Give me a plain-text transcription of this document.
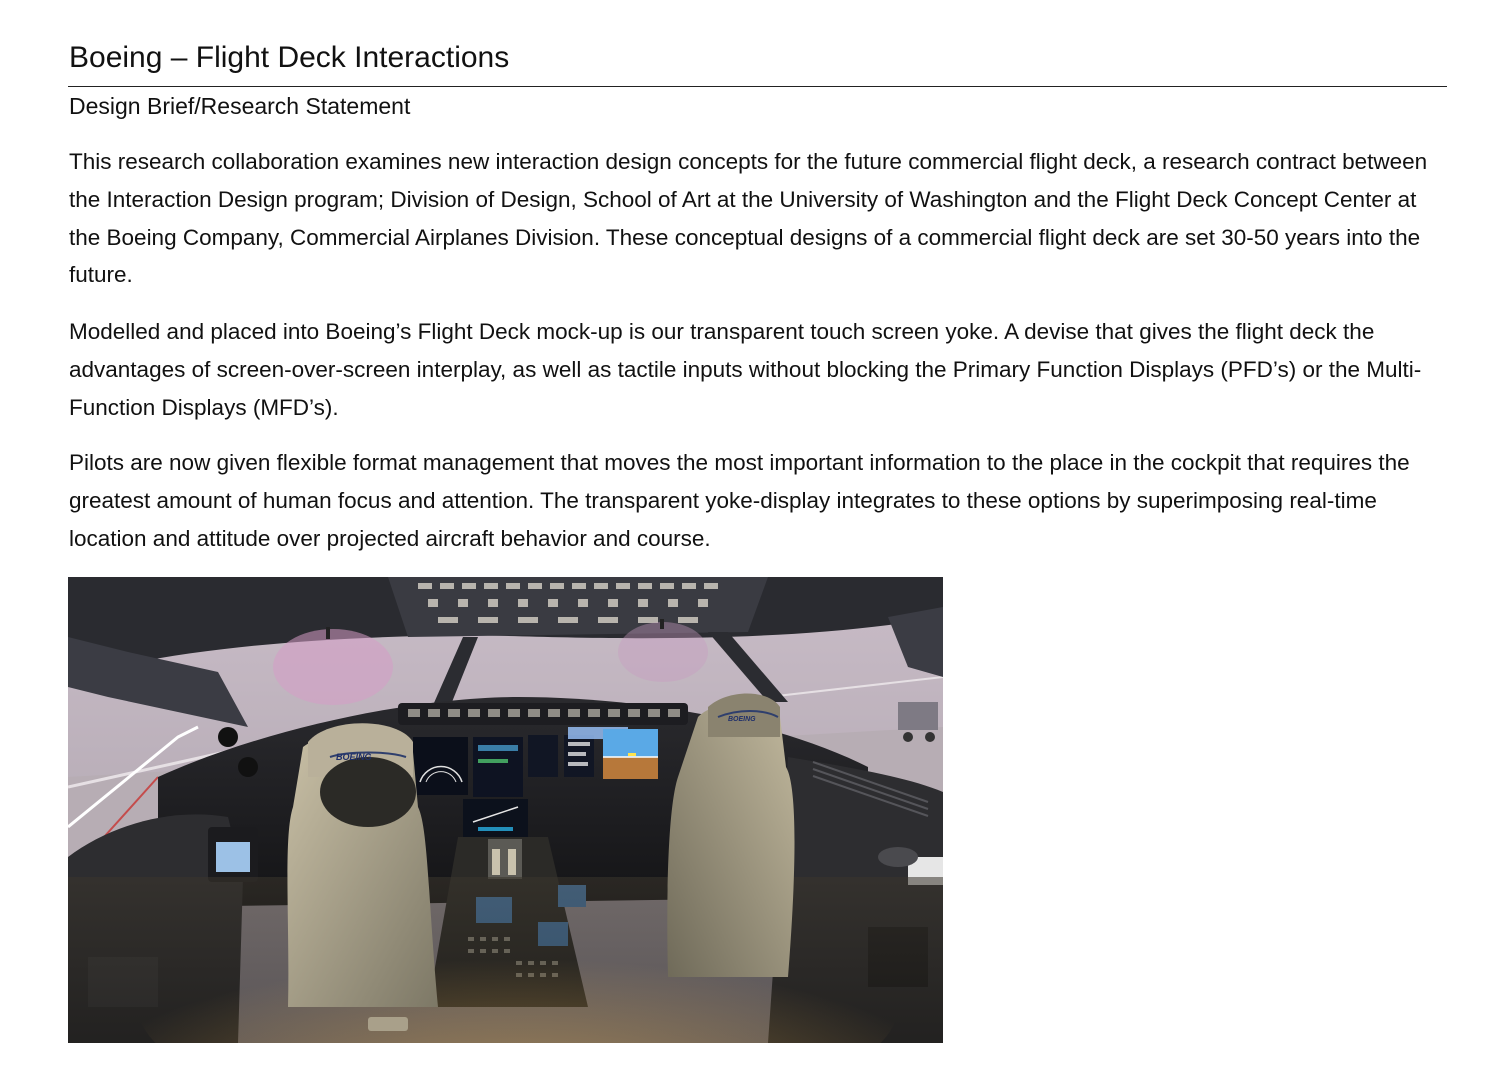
Boeing – Flight Deck Interactions
Design Brief/Research Statement

This research collaboration examines new interaction design concepts for the future commercial flight deck, a research contract between the Interaction Design program; Division of Design, School of Art at the University of Washington and the Flight Deck Concept Center at the Boeing Company, Commercial Airplanes Division. These conceptual designs of a commercial flight deck are set 30-50 years into the future.

Modelled and placed into Boeing’s Flight Deck mock-up is our transparent touch screen yoke. A devise that gives the flight deck the advantages of screen-over-screen interplay, as well as tactile inputs without blocking the Primary Function Displays (PFD’s) or the Multi-Function Displays (MFD’s).

Pilots are now given flexible format management that moves the most important information to the place in the cockpit that requires the greatest amount of human focus and attention. The transparent yoke-display integrates to these options by superimposing real-time location and attitude over projected aircraft behavior and course.

BOEING
BOEING
